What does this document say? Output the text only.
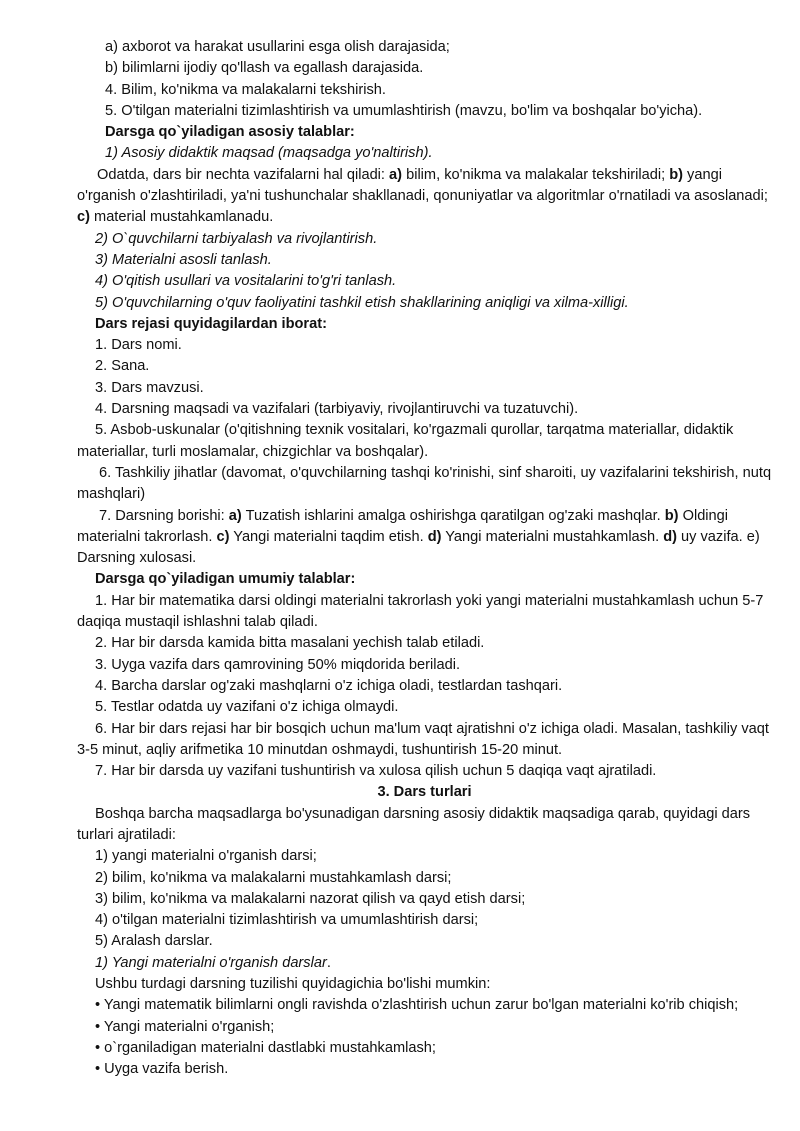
a) axborot va harakat usullarini esga olish darajasida;

b) bilimlarni ijodiy qo'llash va egallash darajasida.

4. Bilim, ko'nikma va malakalarni tekshirish.

5. O'tilgan materialni tizimlashtirish va umumlashtirish (mavzu, bo'lim va boshqalar bo'yicha).

Darsga qo`yiladigan asosiy talablar:

1) Asosiy didaktik maqsad (maqsadga yo'naltirish).

Odatda, dars bir nechta vazifalarni hal qiladi: a) bilim, ko'nikma va malakalar tekshiriladi; b) yangi o'rganish o'zlashtiriladi, ya'ni tushunchalar shakllanadi, qonuniyatlar va algoritmlar o'rnatiladi va asoslanadi; c) material mustahkamlanadu.

2) O`quvchilarni tarbiyalash va rivojlantirish.

3) Materialni asosli tanlash.

4) O'qitish usullari va vositalarini to'g'ri tanlash.

5) O'quvchilarning o'quv faoliyatini tashkil etish shakllarining aniqligi va xilma-xilligi.

Dars rejasi quyidagilardan iborat:

1. Dars nomi.

2. Sana.

3. Dars mavzusi.

4. Darsning maqsadi va vazifalari (tarbiyaviy, rivojlantiruvchi va tuzatuvchi).

5. Asbob-uskunalar (o'qitishning texnik vositalari, ko'rgazmali qurollar, tarqatma materiallar, didaktik materiallar, turli moslamalar, chizgichlar va boshqalar).

6. Tashkiliy jihatlar (davomat, o'quvchilarning tashqi ko'rinishi, sinf sharoiti, uy vazifalarini tekshirish, nutq mashqlari)

7. Darsning borishi: a) Tuzatish ishlarini amalga oshirishga qaratilgan og'zaki mashqlar. b) Oldingi materialni takrorlash. c) Yangi materialni taqdim etish. d) Yangi materialni mustahkamlash. d) uy vazifa. e) Darsning xulosasi.

Darsga qo`yiladigan umumiy talablar:

1. Har bir matematika darsi oldingi materialni takrorlash yoki yangi materialni mustahkamlash uchun 5-7 daqiqa mustaqil ishlashni talab qiladi.

2. Har bir darsda kamida bitta masalani yechish talab etiladi.

3. Uyga vazifa dars qamrovining 50% miqdorida beriladi.

4. Barcha darslar og'zaki mashqlarni o'z ichiga oladi, testlardan tashqari.

5. Testlar odatda uy vazifani o'z ichiga olmaydi.

6. Har bir dars rejasi har bir bosqich uchun ma'lum vaqt ajratishni o'z ichiga oladi. Masalan, tashkiliy vaqt 3-5 minut, aqliy arifmetika 10 minutdan oshmaydi, tushuntirish 15-20 minut.

7. Har bir darsda uy vazifani tushuntirish va xulosa qilish uchun 5 daqiqa vaqt ajratiladi.

3. Dars turlari

Boshqa barcha maqsadlarga bo'ysunadigan darsning asosiy didaktik maqsadiga qarab, quyidagi dars turlari ajratiladi:

1) yangi materialni o'rganish darsi;

2) bilim, ko'nikma va malakalarni mustahkamlash darsi;

3) bilim, ko'nikma va malakalarni nazorat qilish va qayd etish darsi;

4) o'tilgan materialni tizimlashtirish va umumlashtirish darsi;

5) Aralash darslar.

1) Yangi materialni o'rganish darslar.

Ushbu turdagi darsning tuzilishi quyidagichia bo'lishi mumkin:

• Yangi matematik bilimlarni ongli ravishda o'zlashtirish uchun zarur bo'lgan materialni ko'rib chiqish;

• Yangi materialni o'rganish;

• o`rganiladigan materialni dastlabki mustahkamlash;

• Uyga vazifa berish.
